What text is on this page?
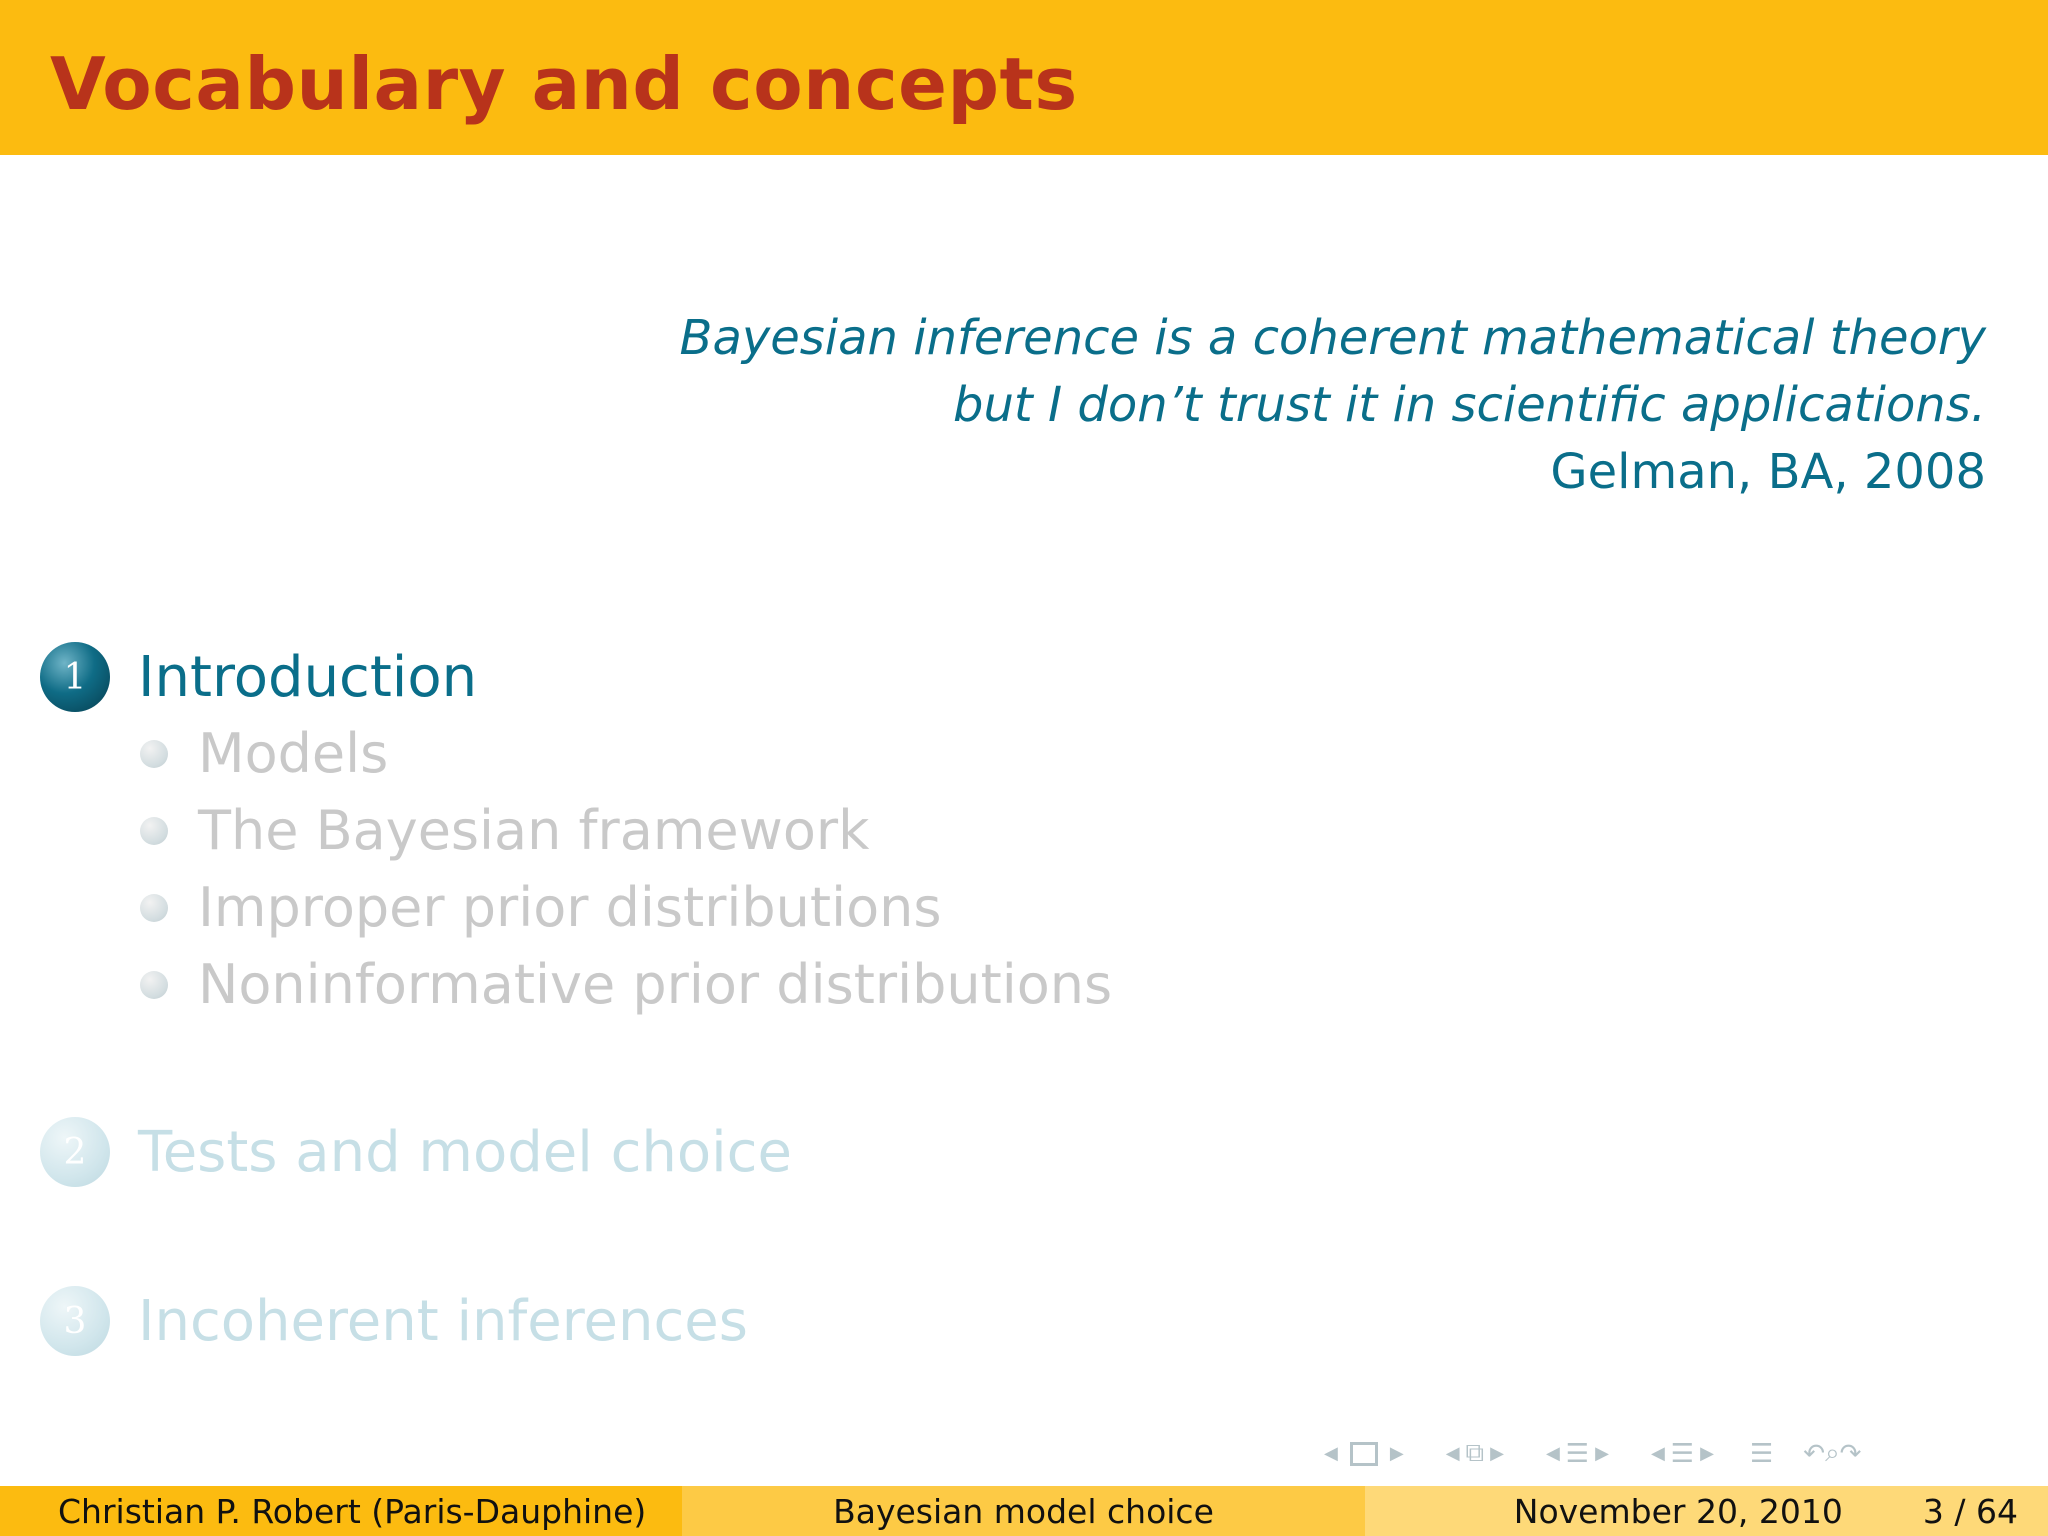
Vocabulary and concepts
Bayesian inference is a coherent mathematical theory
but I don’t trust it in scientific applications.
Gelman, BA, 2008
1 Introduction
Models
The Bayesian framework
Improper prior distributions
Noninformative prior distributions
2 Tests and model choice
3 Incoherent inferences
◀	▶ ◀ ⧉ ▶ ◀ ☰ ▶ ◀ ☰ ▶ ☰ ↶ ⌕ ↷
Christian P. Robert (Paris-Dauphine)	Bayesian model choice	November 20, 2010 3 / 64
